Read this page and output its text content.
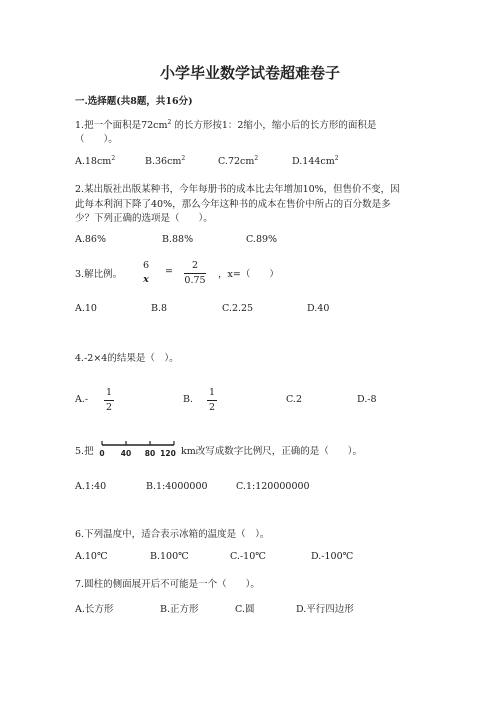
小学毕业数学试卷超难卷子
一.选择题(共8题，共16分)
1.把一个面积是$72cm^2$ 的长方形按1：2缩小，缩小后的长方形的面积是
（　　）。
$A.18cm^2$	$B.36cm^2$	$C.72cm^2$	$D.144cm^2$
2.某出版社出版某种书，今年每册书的成本比去年增加10%，但售价不变，因
此每本利润下降了40%，那么今年这种书的成本在售价中所占的百分数是多
少？下列正确的选项是（　　）。
A.86%	B.88%	C.89%
3.解比例。
6
x
=
2
0.75 ，x=（　　）
A.10	B.8	C.2.25	D.40
4.-2×4的结果是（　）。
A.-
1
2
B.
1
2
C.2	D.-8
5.把 0 40 80 120 km改写成数字比例尺，正确的是（　　）。
A.1:40	B.1:4000000	C.1:120000000
6.下列温度中，适合表示冰箱的温度是（　）。
A.10℃	B.100℃	C.-10℃	D.-100℃
7.圆柱的侧面展开后不可能是一个（　　）。
A.长方形	B.正方形	C.圆	D.平行四边形
